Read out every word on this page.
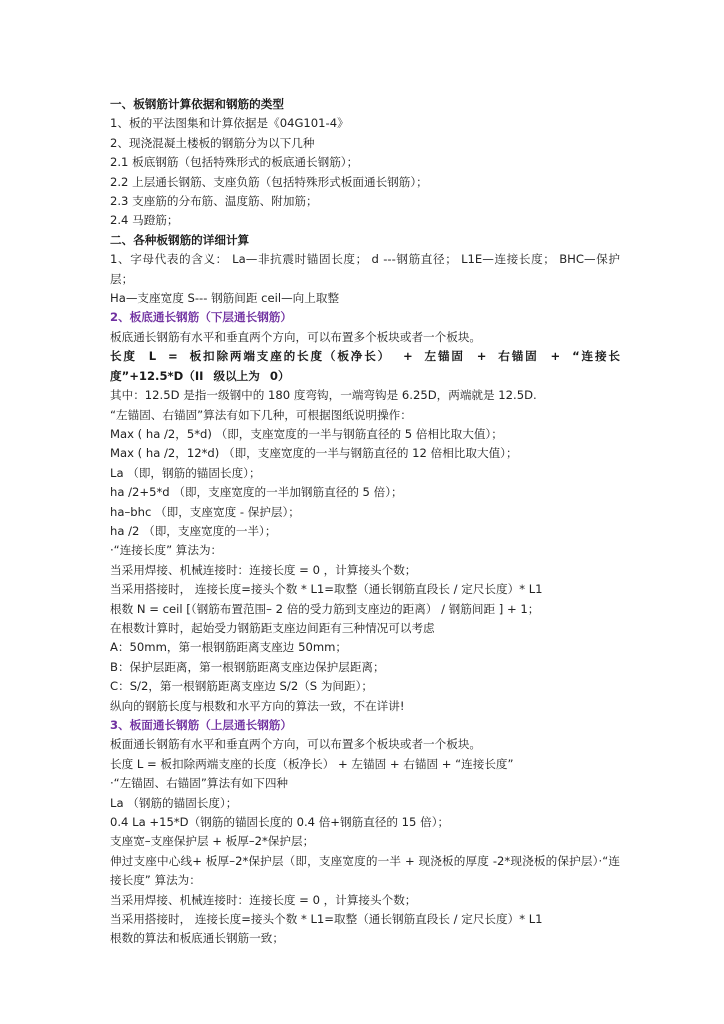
一、板钢筋计算依据和钢筋的类型

1、板的平法图集和计算依据是《04G101-4》

2、现浇混凝土楼板的钢筋分为以下几种

2.1 板底钢筋（包括特殊形式的板底通长钢筋）；

2.2 上层通长钢筋、支座负筋（包括特殊形式板面通长钢筋）；

2.3 支座筋的分布筋、温度筋、附加筋；

2.4 马蹬筋；

二、各种板钢筋的详细计算

1、字母代表的含义： La—非抗震时锚固长度； d ---钢筋直径； L1E—连接长度； BHC—保护层；

Ha—支座宽度 S--- 钢筋间距 ceil—向上取整

2、板底通长钢筋（下层通长钢筋）

板底通长钢筋有水平和垂直两个方向，可以布置多个板块或者一个板块。

长度 L = 板扣除两端支座的长度（板净长） + 左锚固 + 右锚固 + “连接长度”+12.5*D（II 级以上为 0）

其中：12.5D 是指一级钢中的 180 度弯钩，一端弯钩是 6.25D，两端就是 12.5D.

“左锚固、右锚固”算法有如下几种，可根据图纸说明操作：

Max ( ha /2，5*d) （即，支座宽度的一半与钢筋直径的 5 倍相比取大值）；

Max ( ha /2，12*d) （即，支座宽度的一半与钢筋直径的 12 倍相比取大值）；

La （即，钢筋的锚固长度）；

ha /2+5*d （即，支座宽度的一半加钢筋直径的 5 倍）；

ha–bhc （即，支座宽度 - 保护层）；

ha /2 （即，支座宽度的一半）；

·“连接长度” 算法为：

当采用焊接、机械连接时：连接长度 = 0 ，计算接头个数；

当采用搭接时， 连接长度=接头个数 * L1=取整（通长钢筋直段长 / 定尺长度）* L1

根数 N = ceil [（钢筋布置范围– 2 倍的受力筋到支座边的距离） / 钢筋间距 ] + 1；

在根数计算时，起始受力钢筋距支座边间距有三种情况可以考虑

A：50mm，第一根钢筋距离支座边 50mm；

B：保护层距离，第一根钢筋距离支座边保护层距离；

C：S/2，第一根钢筋距离支座边 S/2（S 为间距）；

纵向的钢筋长度与根数和水平方向的算法一致，不在详讲!

3、板面通长钢筋（上层通长钢筋）

板面通长钢筋有水平和垂直两个方向，可以布置多个板块或者一个板块。

长度 L = 板扣除两端支座的长度（板净长） + 左锚固 + 右锚固 + “连接长度”

·“左锚固、右锚固”算法有如下四种

La （钢筋的锚固长度）；

0.4 La +15*D（钢筋的锚固长度的 0.4 倍+钢筋直径的 15 倍）；

支座宽–支座保护层 + 板厚–2*保护层；

伸过支座中心线+ 板厚–2*保护层（即，支座宽度的一半 + 现浇板的厚度 -2*现浇板的保护层）·“连接长度” 算法为：

当采用焊接、机械连接时：连接长度 = 0 ，计算接头个数；

当采用搭接时， 连接长度=接头个数 * L1=取整（通长钢筋直段长 / 定尺长度）* L1

根数的算法和板底通长钢筋一致；
